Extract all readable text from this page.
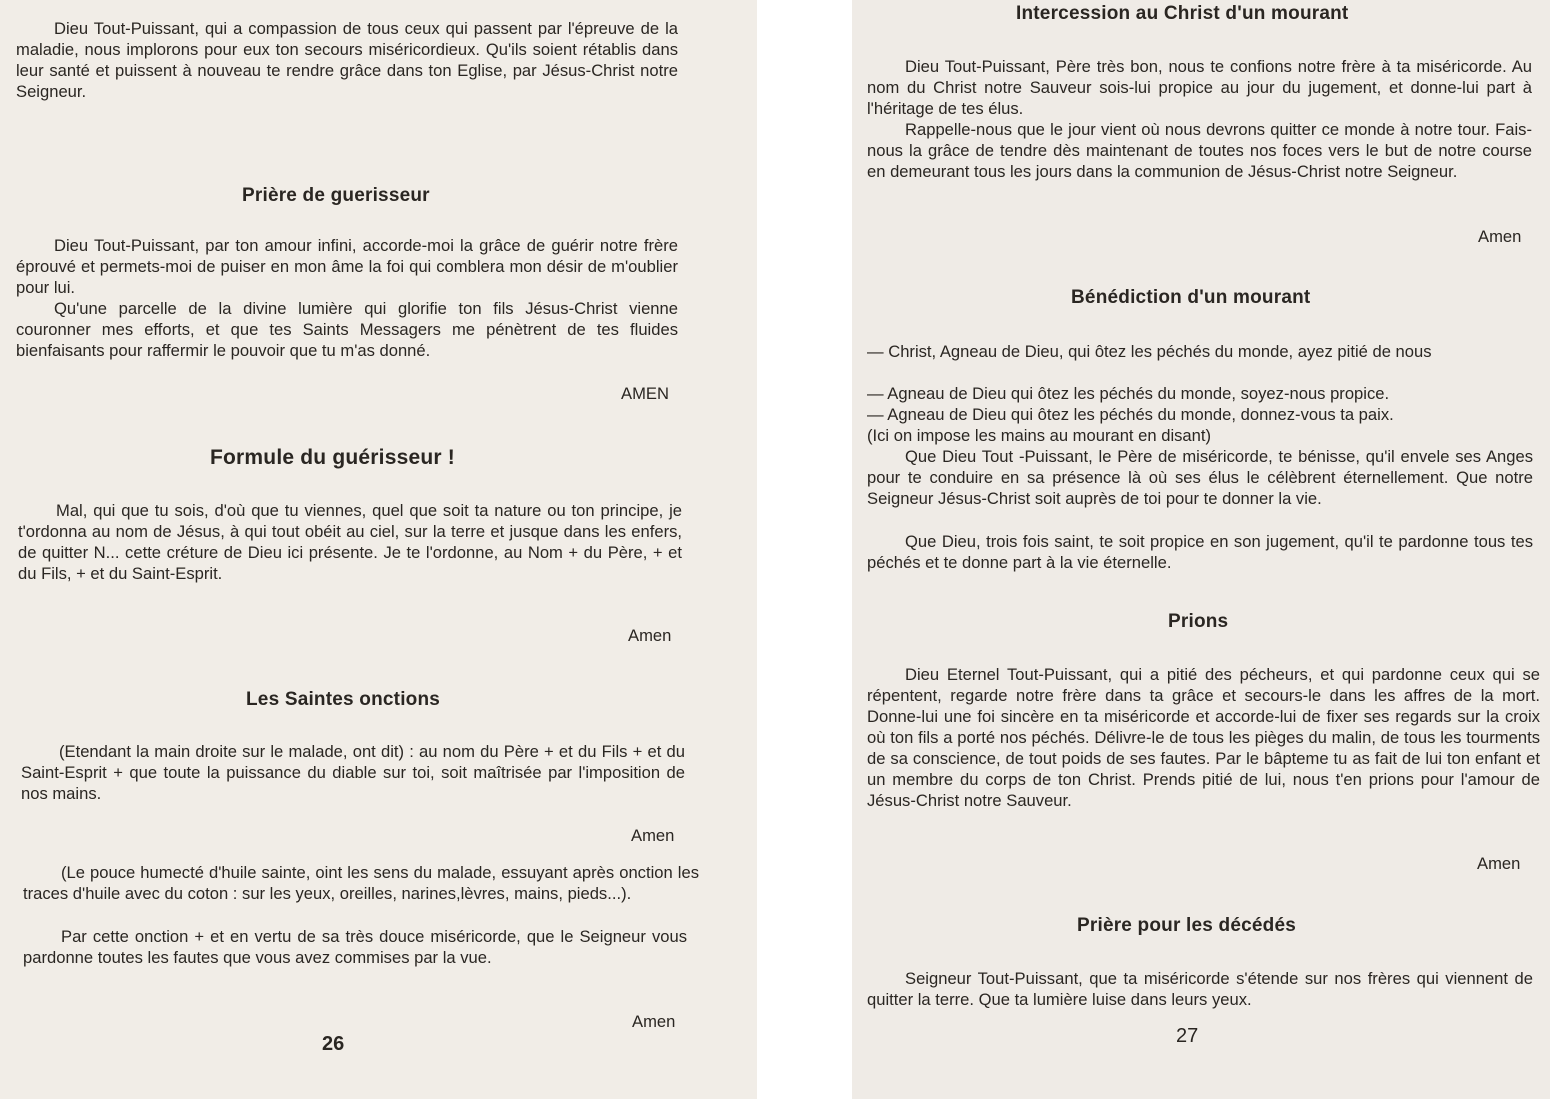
Dieu Tout-Puissant, qui a compassion de tous ceux qui passent par l'épreuve de la maladie, nous implorons pour eux ton secours miséricordieux. Qu'ils soient rétablis dans leur santé et puissent à nouveau te rendre grâce dans ton Eglise, par Jésus-Christ notre Seigneur.

Prière de guerisseur

Dieu Tout-Puissant, par ton amour infini, accorde-moi la grâce de guérir notre frère éprouvé et permets-moi de puiser en mon âme la foi qui comblera mon désir de m'oublier pour lui.

Qu'une parcelle de la divine lumière qui glorifie ton fils Jésus-Christ vienne couronner mes efforts, et que tes Saints Messagers me pénètrent de tes fluides bienfaisants pour raffermir le pouvoir que tu m'as donné.

AMEN

Formule du guérisseur !

Mal, qui que tu sois, d'où que tu viennes, quel que soit ta nature ou ton principe, je t'ordonna au nom de Jésus, à qui tout obéit au ciel, sur la terre et jusque dans les enfers, de quitter N... cette créture de Dieu ici présente. Je te l'ordonne, au Nom + du Père, + et du Fils, + et du Saint-Esprit.

Amen

Les Saintes onctions

(Etendant la main droite sur le malade, ont dit) : au nom du Père + et du Fils + et du Saint-Esprit + que toute la puissance du diable sur toi, soit maîtrisée par l'imposition de nos mains.

Amen

(Le pouce humecté d'huile sainte, oint les sens du malade, essuyant après onction les traces d'huile avec du coton : sur les yeux, oreilles, narines,lèvres, mains, pieds...).

Par cette onction + et en vertu de sa très douce miséricorde, que le Seigneur vous pardonne toutes les fautes que vous avez commises par la vue.

Amen

26

Intercession au Christ d'un mourant

Dieu Tout-Puissant, Père très bon, nous te confions notre frère à ta miséricorde. Au nom du Christ notre Sauveur sois-lui propice au jour du jugement, et donne-lui part à l'héritage de tes élus.

Rappelle-nous que le jour vient où nous devrons quitter ce monde à notre tour. Fais-nous la grâce de tendre dès maintenant de toutes nos foces vers le but de notre course en demeurant tous les jours dans la communion de Jésus-Christ notre Seigneur.

Amen

Bénédiction d'un mourant

— Christ, Agneau de Dieu, qui ôtez les péchés du monde, ayez pitié de nous

— Agneau de Dieu qui ôtez les péchés du monde, soyez-nous propice.

— Agneau de Dieu qui ôtez les péchés du monde, donnez-vous ta paix.

(Ici on impose les mains au mourant en disant)

Que Dieu Tout -Puissant, le Père de miséricorde, te bénisse, qu'il envele ses Anges pour te conduire en sa présence là où ses élus le célèbrent éternellement. Que notre Seigneur Jésus-Christ soit auprès de toi pour te donner la vie.

Que Dieu, trois fois saint, te soit propice en son jugement, qu'il te pardonne tous tes péchés et te donne part à la vie éternelle.

Prions

Dieu Eternel Tout-Puissant, qui a pitié des pécheurs, et qui pardonne ceux qui se répentent, regarde notre frère dans ta grâce et secours-le dans les affres de la mort. Donne-lui une foi sincère en ta miséricorde et accorde-lui de fixer ses regards sur la croix où ton fils a porté nos péchés. Délivre-le de tous les pièges du malin, de tous les tourments de sa conscience, de tout poids de ses fautes. Par le bâpteme tu as fait de lui ton enfant et un membre du corps de ton Christ. Prends pitié de lui, nous t'en prions pour l'amour de Jésus-Christ notre Sauveur.

Amen

Prière pour les décédés

Seigneur Tout-Puissant, que ta miséricorde s'étende sur nos frères qui viennent de quitter la terre. Que ta lumière luise dans leurs yeux.

27
